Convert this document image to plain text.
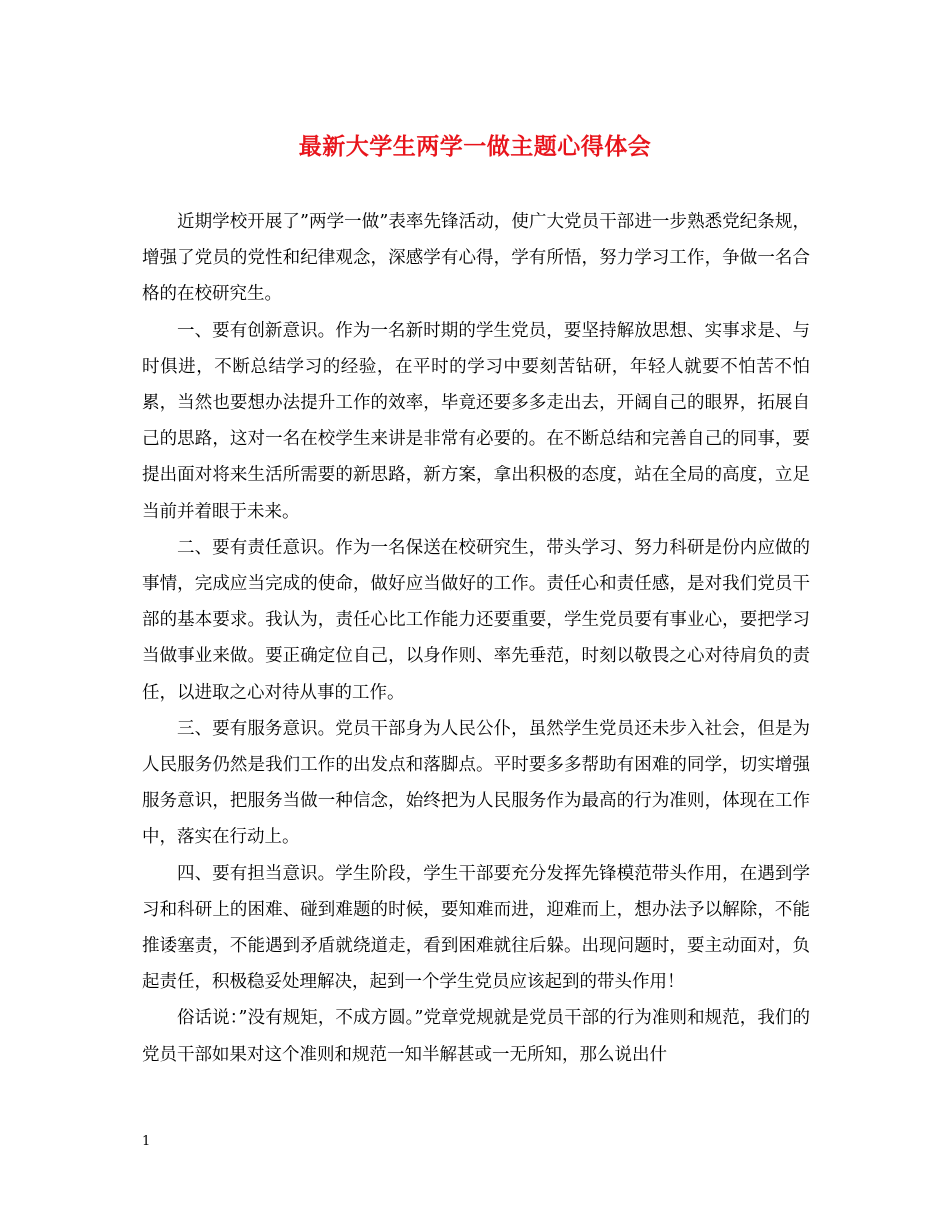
最新大学生两学一做主题心得体会

近期学校开展了”两学一做”表率先锋活动，使广大党员干部进一步熟悉党纪条规，增强了党员的党性和纪律观念，深感学有心得，学有所悟，努力学习工作，争做一名合格的在校研究生。

一、要有创新意识。作为一名新时期的学生党员，要坚持解放思想、实事求是、与时俱进，不断总结学习的经验，在平时的学习中要刻苦钻研，年轻人就要不怕苦不怕累，当然也要想办法提升工作的效率，毕竟还要多多走出去，开阔自己的眼界，拓展自己的思路，这对一名在校学生来讲是非常有必要的。在不断总结和完善自己的同事，要提出面对将来生活所需要的新思路，新方案，拿出积极的态度，站在全局的高度，立足当前并着眼于未来。

二、要有责任意识。作为一名保送在校研究生，带头学习、努力科研是份内应做的事情，完成应当完成的使命，做好应当做好的工作。责任心和责任感，是对我们党员干部的基本要求。我认为，责任心比工作能力还要重要，学生党员要有事业心，要把学习当做事业来做。要正确定位自己，以身作则、率先垂范，时刻以敬畏之心对待肩负的责任，以进取之心对待从事的工作。

三、要有服务意识。党员干部身为人民公仆，虽然学生党员还未步入社会，但是为人民服务仍然是我们工作的出发点和落脚点。平时要多多帮助有困难的同学，切实增强服务意识，把服务当做一种信念，始终把为人民服务作为最高的行为准则，体现在工作中，落实在行动上。

四、要有担当意识。学生阶段，学生干部要充分发挥先锋模范带头作用，在遇到学习和科研上的困难、碰到难题的时候，要知难而进，迎难而上，想办法予以解除，不能推诿塞责，不能遇到矛盾就绕道走，看到困难就往后躲。出现问题时，要主动面对，负起责任，积极稳妥处理解决，起到一个学生党员应该起到的带头作用！

俗话说：”没有规矩，不成方圆。”党章党规就是党员干部的行为准则和规范，我们的党员干部如果对这个准则和规范一知半解甚或一无所知，那么说出什

1
